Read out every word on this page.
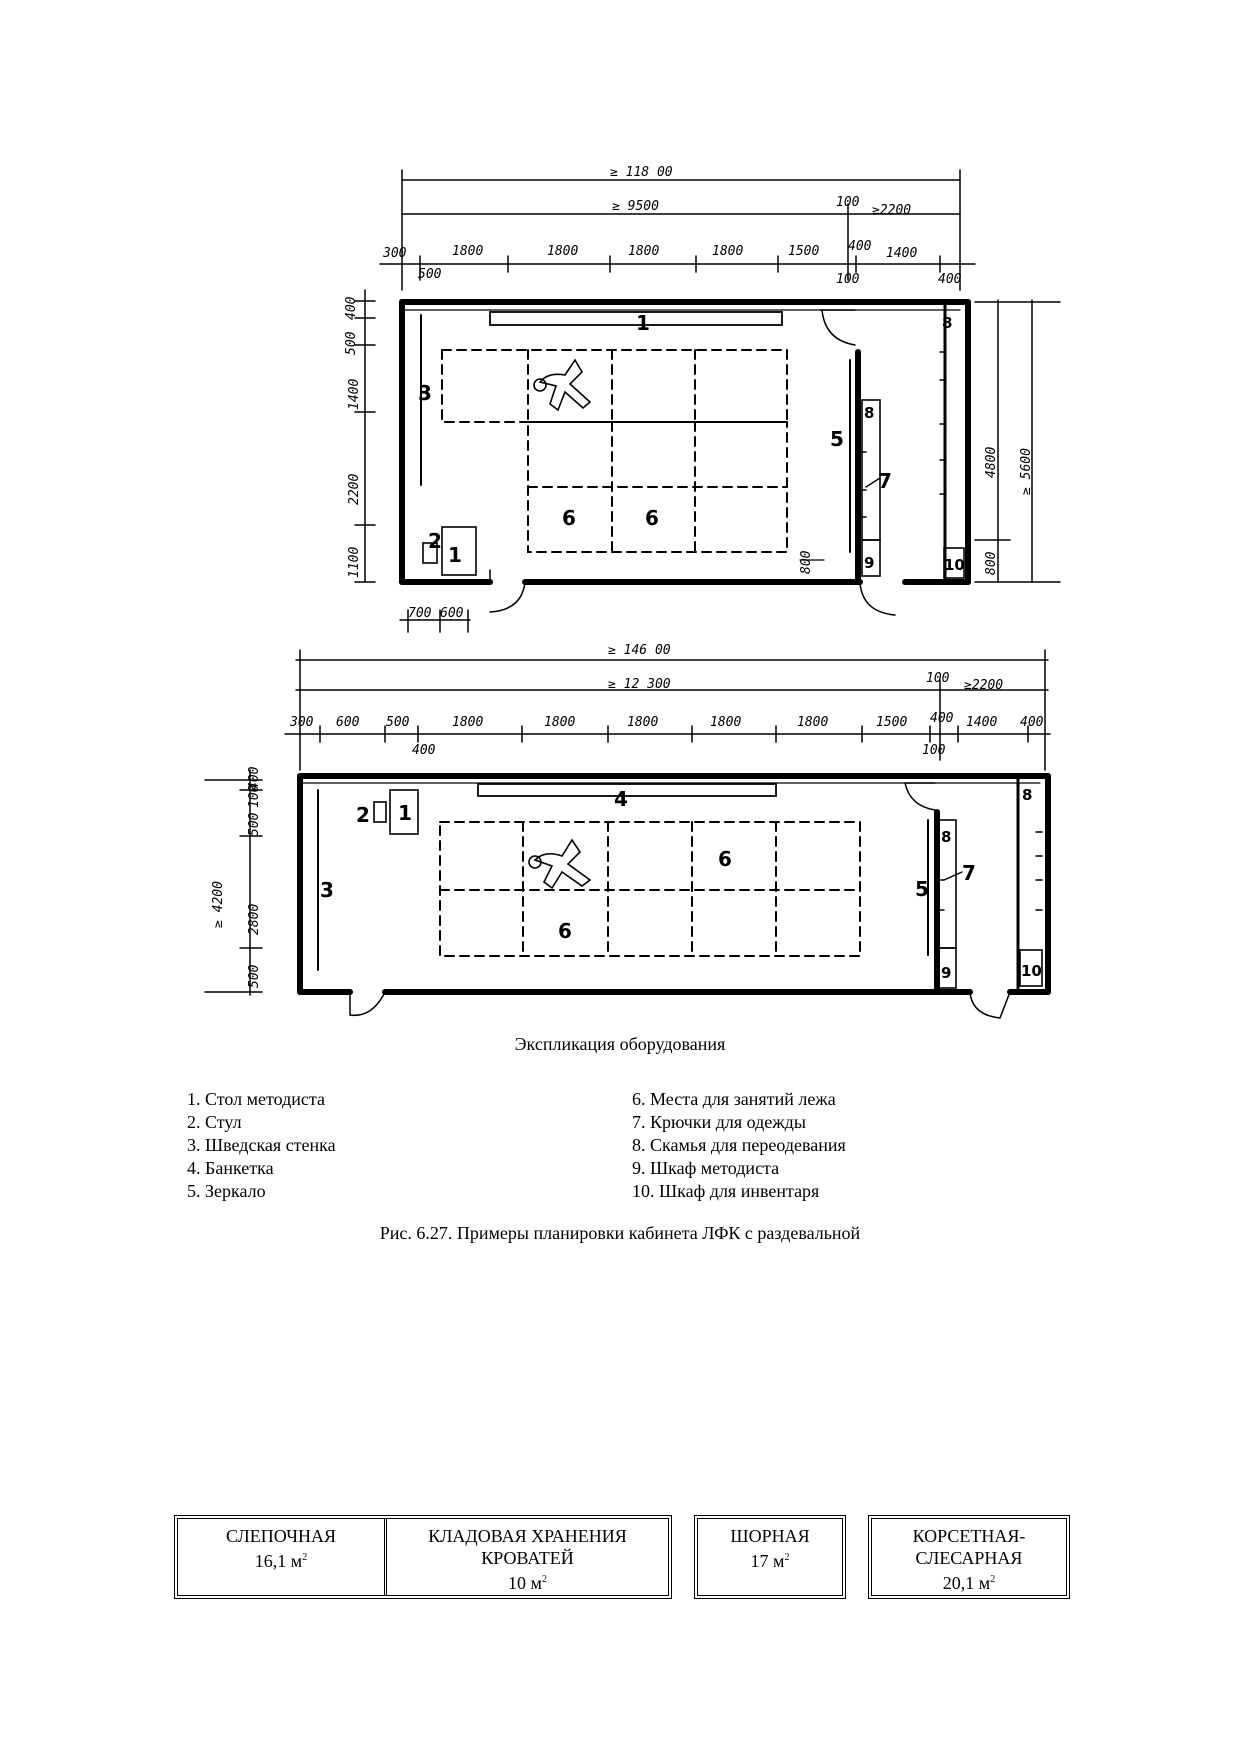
≥ 118 00
≥ 9500	100
≥2200
300	1800	1800	1800	1800	1500 400 1400
500	100	400
500
400
1400
2200
1100
4800 ≥ 5600
800
700 600
800
2
1
1
3
5
6	6
7
8
8
9	10
≥ 146 00
≥ 12 300	100 ≥2200
300 600 500	1800	1800	1800	1800	1800	1500 400 1400 400
400	100
400
100
500
≥ 4200 2800
500
2 1
4
3
6
6
5
7
8
8
9	10
Экспликация оборудования
1. Стол методиста
2. Стул
3. Шведская стенка
4. Банкетка
5. Зеркало
6. Места для занятий лежа
7. Крючки для одежды
8. Скамья для переодевания
9. Шкаф методиста
10. Шкаф для инвентаря
Рис. 6.27. Примеры планировки кабинета ЛФК с раздевальной
СЛЕПОЧНАЯ
16,1 $м^2$
КЛАДОВАЯ ХРАНЕНИЯ
КРОВАТЕЙ
10 $м^2$
ШОРНАЯ
17 $м^2$
КОРСЕТНАЯ-
СЛЕСАРНАЯ
20,1 $м^2$
